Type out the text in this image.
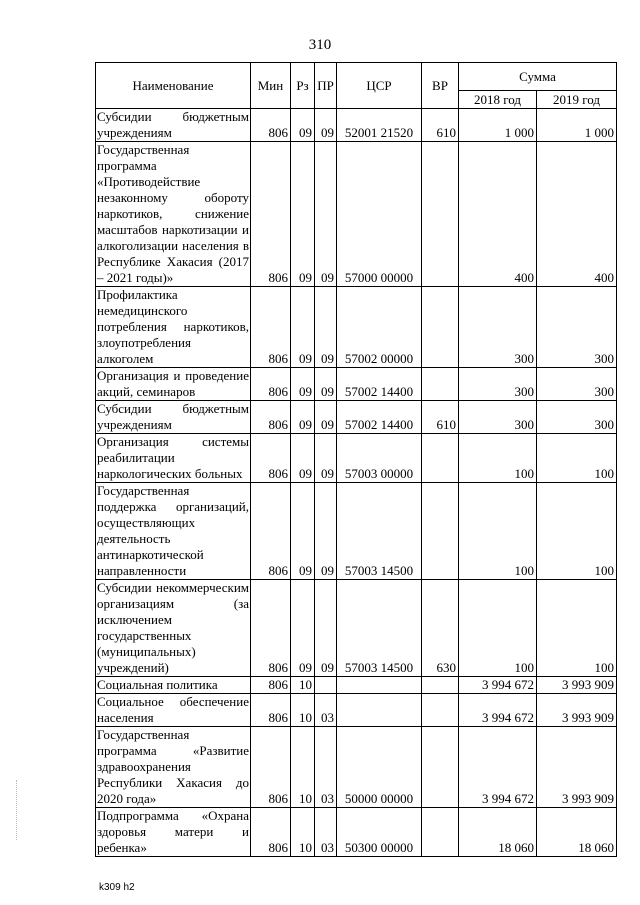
310
Наименование	Мин	Рз	ПР	ЦСР	ВР	Сумма	
						2018 год	2019 год
Субсидии бюджетным учреждениям	806	09	09	52001 21520	610	1 000	1 000
Государственная программа «Противодействие незаконному обороту наркотиков, снижение масштабов наркотизации и алкоголизации населения в Республике Хакасия (2017 – 2021 годы)»	806	09	09	57000 00000		400	400
Профилактика немедицинского потребления наркотиков, злоупотребления алкоголем	806	09	09	57002 00000		300	300
Организация и проведение акций, семинаров	806	09	09	57002 14400		300	300
Субсидии бюджетным учреждениям	806	09	09	57002 14400	610	300	300
Организация системы реабилитации наркологических больных	806	09	09	57003 00000		100	100
Государственная поддержка организаций, осуществляющих деятельность антинаркотической направленности	806	09	09	57003 14500		100	100
Субсидии некоммерческим организациям (за исключением государственных (муниципальных) учреждений)	806	09	09	57003 14500	630	100	100
Социальная политика	806	10				3 994 672	3 993 909
Социальное обеспечение населения	806	10	03			3 994 672	3 993 909
Государственная программа «Развитие здравоохранения Республики Хакасия до 2020 года»	806	10	03	50000 00000		3 994 672	3 993 909
Подпрограмма «Охрана здоровья матери и ребенка»	806	10	03	50300 00000		18 060	18 060
k309 h2
